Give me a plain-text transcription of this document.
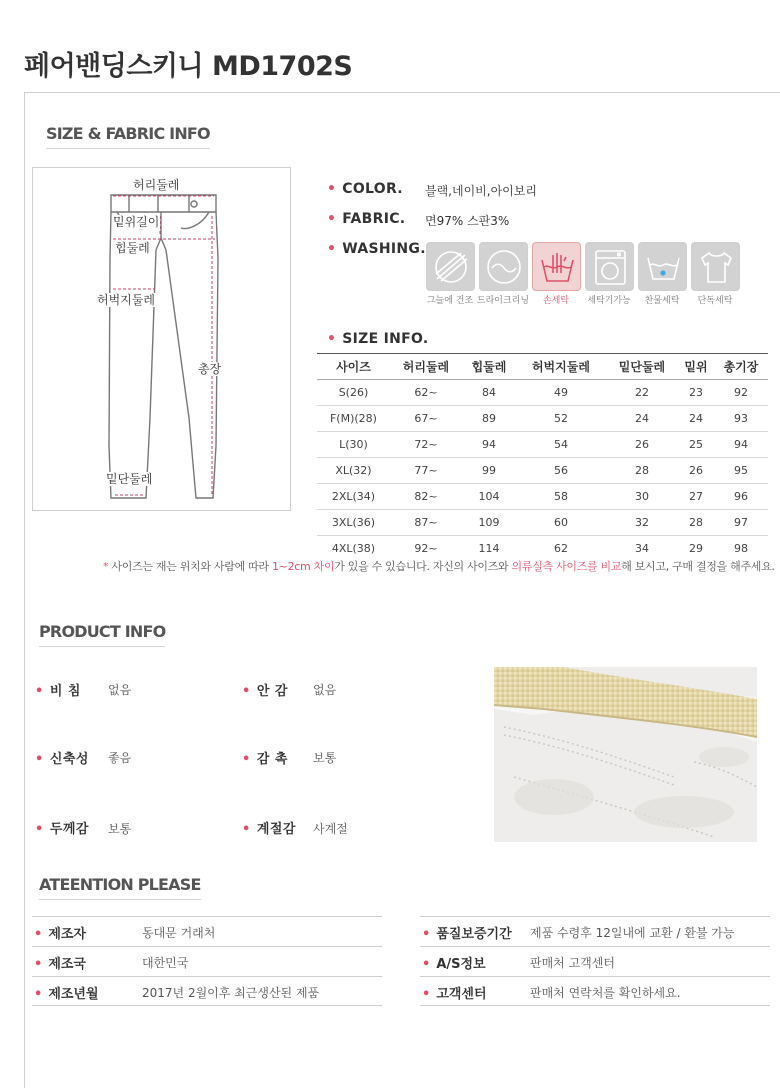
페어밴딩스키니 MD1702S
SIZE & FABRIC INFO
허리둘레
밑위길이
힙둘레
허벅지둘레
총장
밑단둘레
• COLOR. 블랙,네이비,아이보리
• FABRIC. 면97% 스판3%
• WASHING.
그늘에 건조 드라이크리닝	손세탁	세탁기가능	찬물세탁	단독세탁
• SIZE INFO.
사이즈	허리둘레	힙둘레	허벅지둘레	밑단둘레	밑위	총기장
S(26)	62~	84	49	22	23	92
F(M)(28)	67~	89	52	24	24	93
L(30)	72~	94	54	26	25	94
XL(32)	77~	99	56	28	26	95
2XL(34)	82~	104	58	30	27	96
3XL(36)	87~	109	60	32	28	97
4XL(38)	92~	114	62	34	29	98
* 사이즈는 재는 위치와 사람에 따라 1~2cm 차이가 있을 수 있습니다. 자신의 사이즈와 의류실측 사이즈를 비교해 보시고, 구매 결정을 해주세요.
PRODUCT INFO
• 비 침 없음	• 안 감 없음
• 신축성 좋음	• 감 촉 보통
• 두께감 보통	• 계절감 사계절
ATEENTION PLEASE
• 제조자	동대문 거래처
• 제조국	대한민국
• 제조년월	2017년 2월이후 최근생산된 제품
• 품질보증기간 제품 수령후 12일내에 교환 / 환불 가능
• A/S정보	판매처 고객센터
• 고객센터	판매처 연락처를 확인하세요.
